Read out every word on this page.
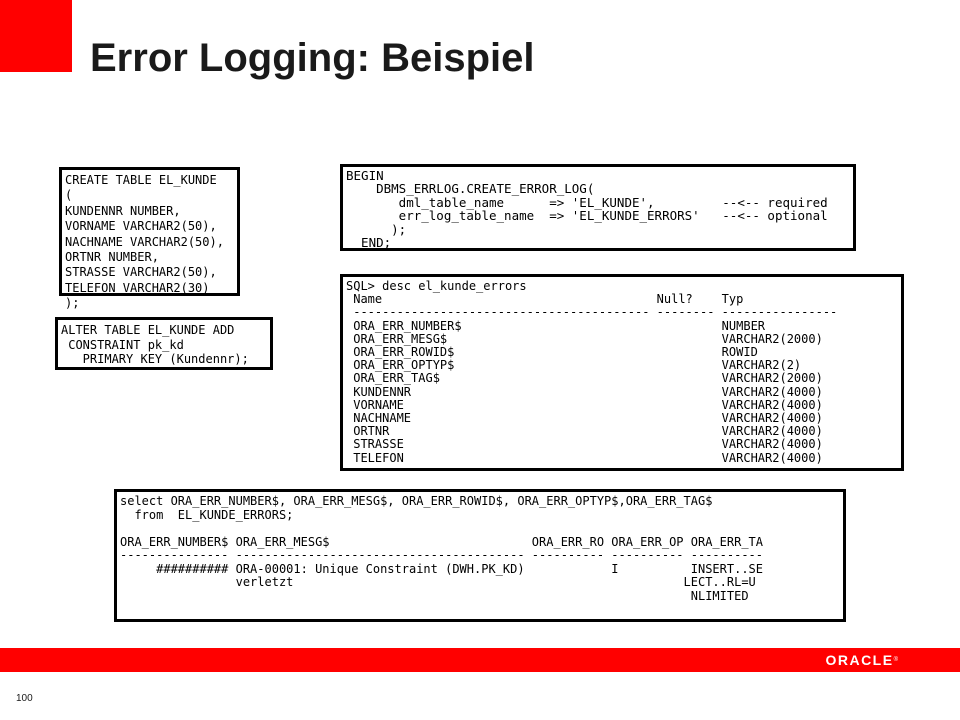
Error Logging: Beispiel
CREATE TABLE EL_KUNDE
(
KUNDENNR NUMBER,
VORNAME VARCHAR2(50),
NACHNAME VARCHAR2(50),
ORTNR NUMBER,
STRASSE VARCHAR2(50),
TELEFON VARCHAR2(30)
);
ALTER TABLE EL_KUNDE ADD
CONSTRAINT pk_kd
PRIMARY KEY (Kundennr);
BEGIN
DBMS_ERRLOG.CREATE_ERROR_LOG(
dml_table_name      => 'EL_KUNDE',         --<-- required
err_log_table_name  => 'EL_KUNDE_ERRORS'   --<-- optional
);
END;
SQL> desc el_kunde_errors
Name                                      Null?    Typ
----------------------------------------- -------- ----------------
ORA_ERR_NUMBER$                                    NUMBER
ORA_ERR_MESG$                                      VARCHAR2(2000)
ORA_ERR_ROWID$                                     ROWID
ORA_ERR_OPTYP$                                     VARCHAR2(2)
ORA_ERR_TAG$                                       VARCHAR2(2000)
KUNDENNR                                           VARCHAR2(4000)
VORNAME                                            VARCHAR2(4000)
NACHNAME                                           VARCHAR2(4000)
ORTNR                                              VARCHAR2(4000)
STRASSE                                            VARCHAR2(4000)
TELEFON                                            VARCHAR2(4000)
select ORA_ERR_NUMBER$, ORA_ERR_MESG$, ORA_ERR_ROWID$, ORA_ERR_OPTYP$,ORA_ERR_TAG$
from  EL_KUNDE_ERRORS;

ORA_ERR_NUMBER$ ORA_ERR_MESG$                            ORA_ERR_RO ORA_ERR_OP ORA_ERR_TA
--------------- ---------------------------------------- ---------- ---------- ----------
########## ORA-00001: Unique Constraint (DWH.PK_KD)            I          INSERT..SE
verletzt                                                      LECT..RL=U
NLIMITED
ORACLE®
100
